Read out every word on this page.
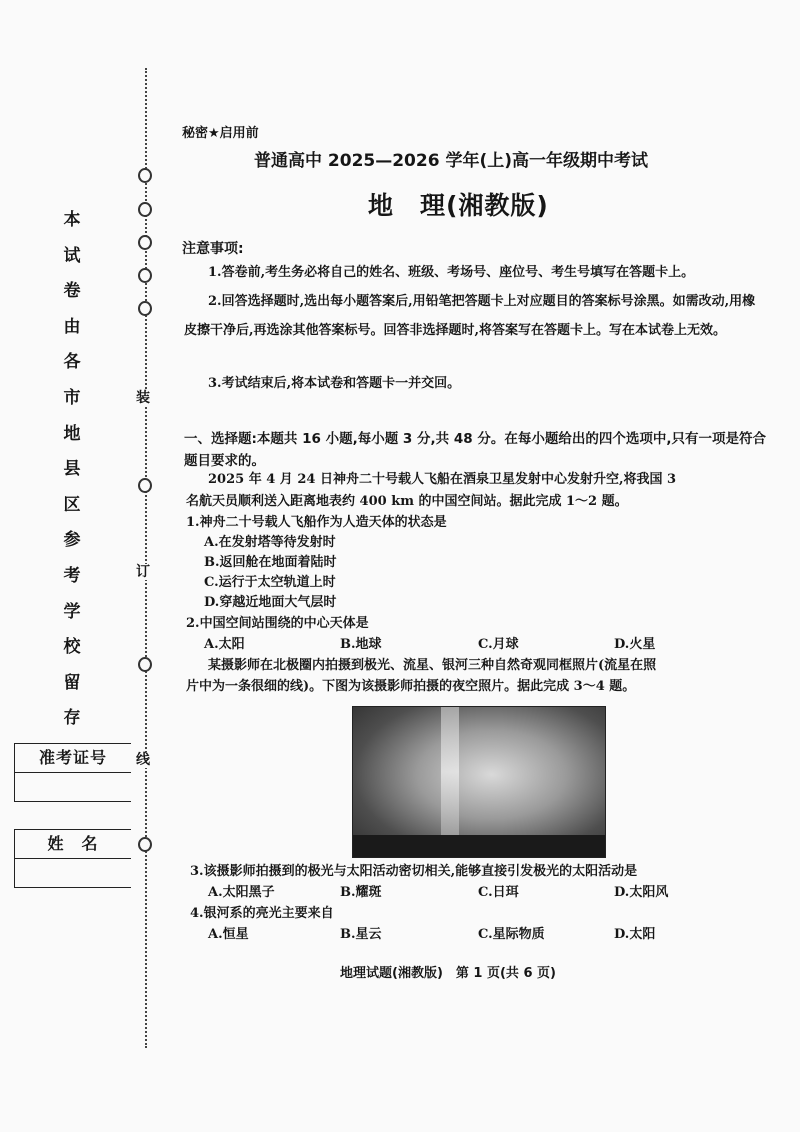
装
订
线
本
试
卷
由
各
市
地
县
区
参
考
学
校
留
存
准考证号
姓　名
秘密★启用前
普通高中 2025—2026 学年(上)高一年级期中考试
地　理(湘教版)
注意事项:
1.答卷前,考生务必将自己的姓名、班级、考场号、座位号、考生号填写在答题卡上。
2.回答选择题时,选出每小题答案后,用铅笔把答题卡上对应题目的答案标号涂黑。如需改动,用橡皮擦干净后,再选涂其他答案标号。回答非选择题时,将答案写在答题卡上。写在本试卷上无效。
3.考试结束后,将本试卷和答题卡一并交回。
一、选择题:本题共 16 小题,每小题 3 分,共 48 分。在每小题给出的四个选项中,只有一项是符合题目要求的。
2025 年 4 月 24 日神舟二十号载人飞船在酒泉卫星发射中心发射升空,将我国 3
名航天员顺利送入距离地表约 400 km 的中国空间站。据此完成 1～2 题。
1.神舟二十号载人飞船作为人造天体的状态是
A.在发射塔等待发射时
B.返回舱在地面着陆时
C.运行于太空轨道上时
D.穿越近地面大气层时
2.中国空间站围绕的中心天体是
A.太阳	B.地球	C.月球	D.火星
某摄影师在北极圈内拍摄到极光、流星、银河三种自然奇观同框照片(流星在照
片中为一条很细的线)。下图为该摄影师拍摄的夜空照片。据此完成 3～4 题。
3.该摄影师拍摄到的极光与太阳活动密切相关,能够直接引发极光的太阳活动是
A.太阳黑子	B.耀斑	C.日珥	D.太阳风
4.银河系的亮光主要来自
A.恒星	B.星云	C.星际物质	D.太阳
地理试题(湘教版)　第 1 页(共 6 页)
